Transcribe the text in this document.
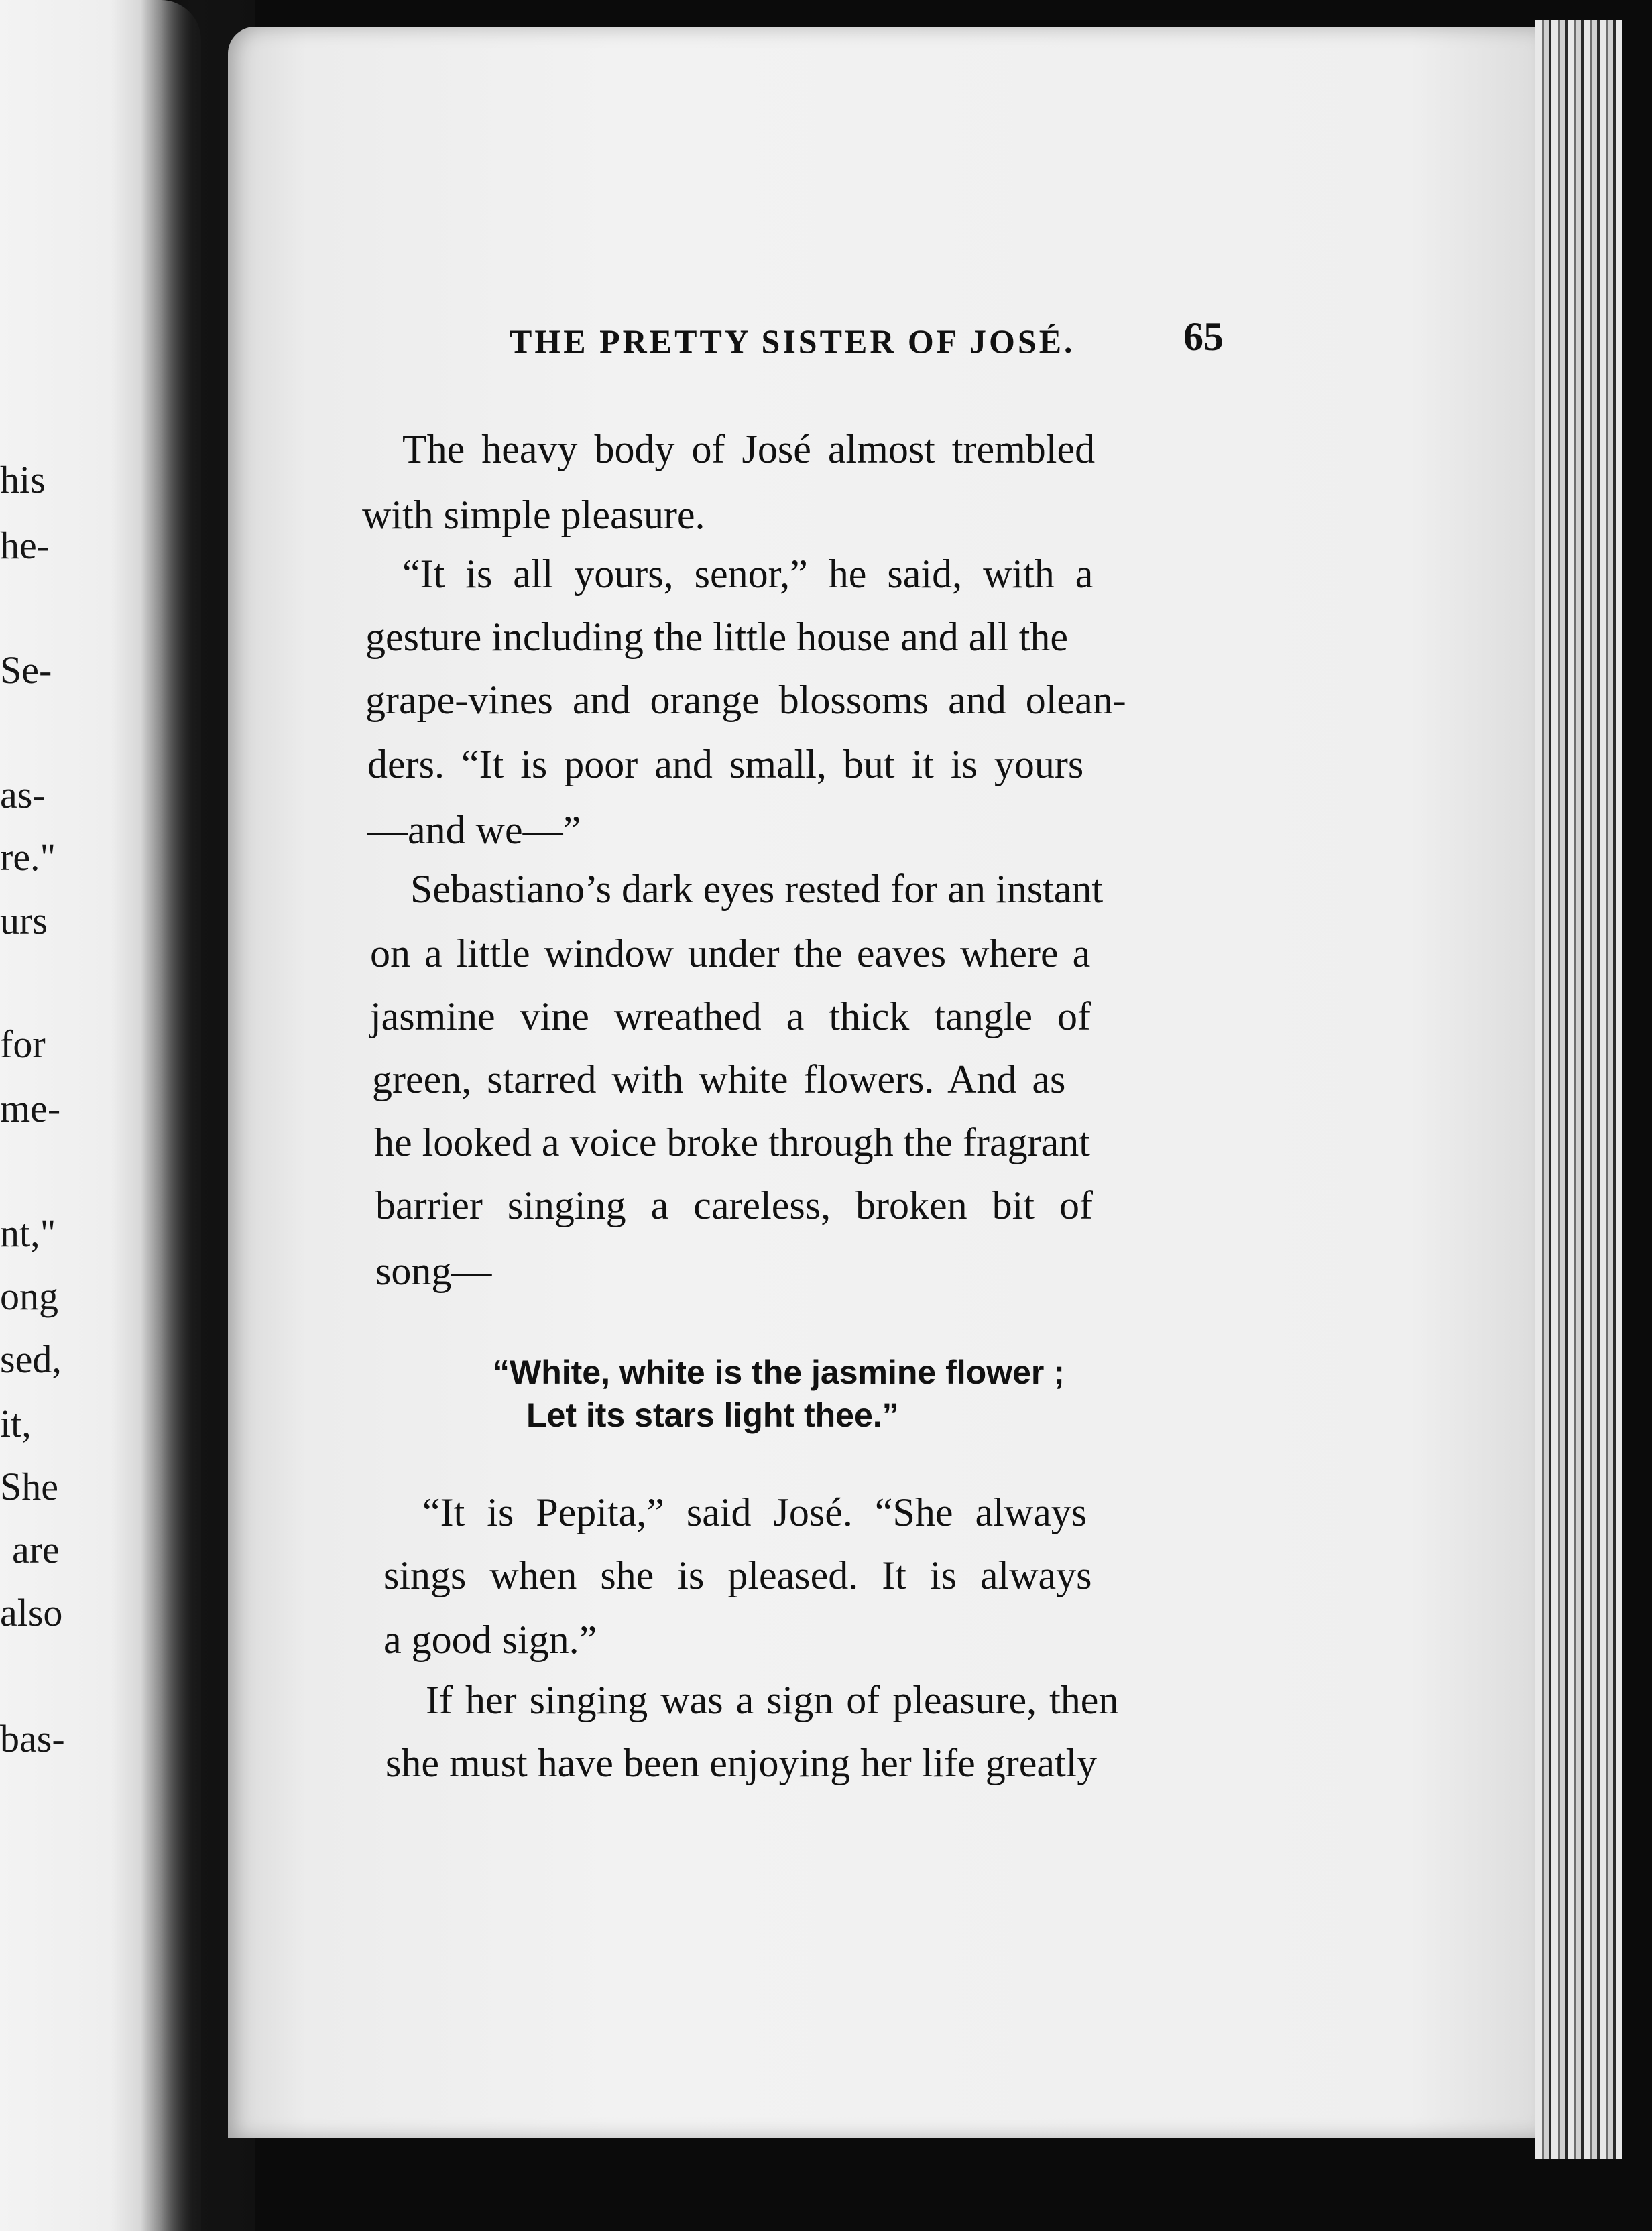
his
he-
Se-
as-
re."
urs
for
me-
nt,"
ong
sed,
it,
She
are
also
bas-
THE PRETTY SISTER OF JOSÉ.	65
The heavy body of José almost trembled
with simple pleasure.
“It is all yours, senor,” he said, with a
gesture including the little house and all the
grape-vines and orange blossoms and olean-
ders. “It is poor and small, but it is yours
—and we—”
Sebastiano’s dark eyes rested for an instant
on a little window under the eaves where a
jasmine vine wreathed a thick tangle of
green, starred with white flowers. And as
he looked a voice broke through the fragrant
barrier singing a careless, broken bit of
song—
“White, white is the jasmine flower ;
Let its stars light thee.”
“It is Pepita,” said José. “She always
sings when she is pleased. It is always
a good sign.”
If her singing was a sign of pleasure, then
she must have been enjoying her life greatly
